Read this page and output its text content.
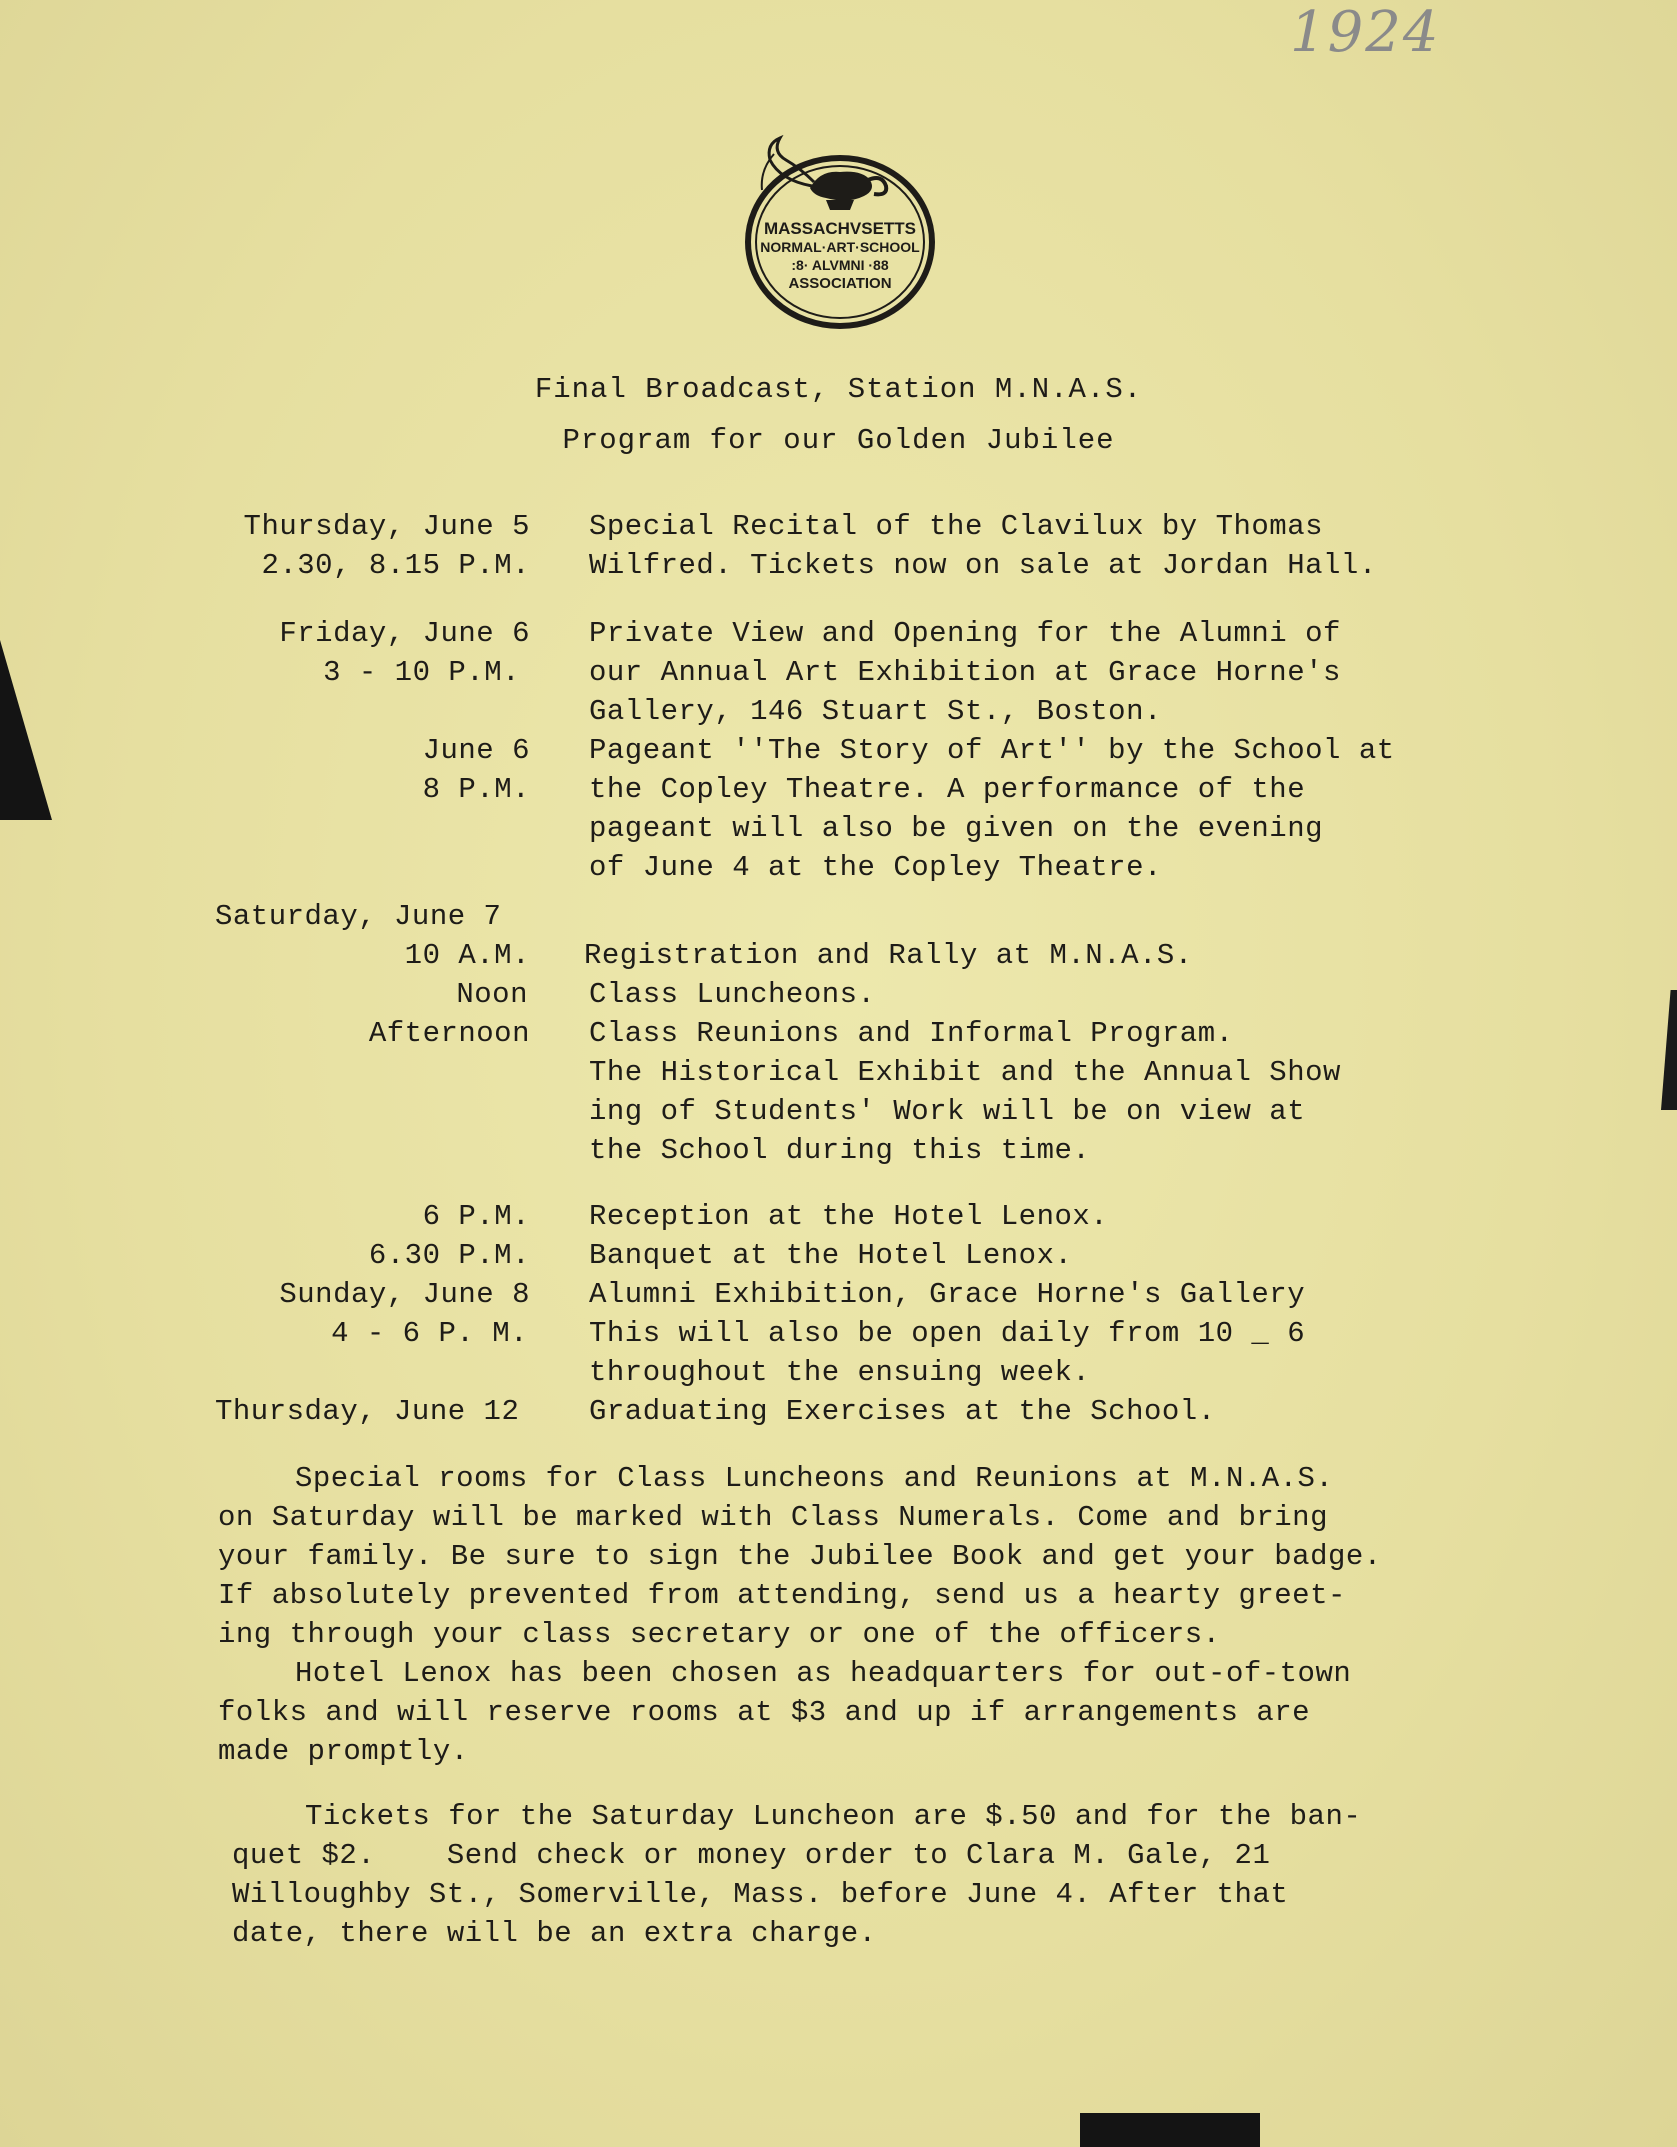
1924
MASSACHVSETTS
NORMAL·ART·SCHOOL
:8· ALVMNI ·88
ASSOCIATION
Final Broadcast, Station M.N.A.S.
Program for our Golden Jubilee
Thursday, June 5 Special Recital of the Clavilux by Thomas
2.30, 8.15 P.M. Wilfred. Tickets now on sale at Jordan Hall.
Friday, June 6 Private View and Opening for the Alumni of
3 - 10 P.M. our Annual Art Exhibition at Grace Horne's
Gallery, 146 Stuart St., Boston.
June 6 Pageant ''The Story of Art'' by the School at
8 P.M. the Copley Theatre. A performance of the
pageant will also be given on the evening
of June 4 at the Copley Theatre.
Saturday, June 7
10 A.M. Registration and Rally at M.N.A.S.
Noon Class Luncheons.
Afternoon Class Reunions and Informal Program.
The Historical Exhibit and the Annual Show
ing of Students' Work will be on view at
the School during this time.
6 P.M. Reception at the Hotel Lenox.
6.30 P.M. Banquet at the Hotel Lenox.
Sunday, June 8 Alumni Exhibition, Grace Horne's Gallery
4 - 6 P. M. This will also be open daily from 10 _ 6
throughout the ensuing week.
Thursday, June 12 Graduating Exercises at the School.
Special rooms for Class Luncheons and Reunions at M.N.A.S.
on Saturday will be marked with Class Numerals. Come and bring
your family. Be sure to sign the Jubilee Book and get your badge.
If absolutely prevented from attending, send us a hearty greet-
ing through your class secretary or one of the officers.
Hotel Lenox has been chosen as headquarters for out-of-town
folks and will reserve rooms at $3 and up if arrangements are
made promptly.
Tickets for the Saturday Luncheon are $.50 and for the ban-
quet $2.    Send check or money order to Clara M. Gale, 21
Willoughby St., Somerville, Mass. before June 4. After that
date, there will be an extra charge.
